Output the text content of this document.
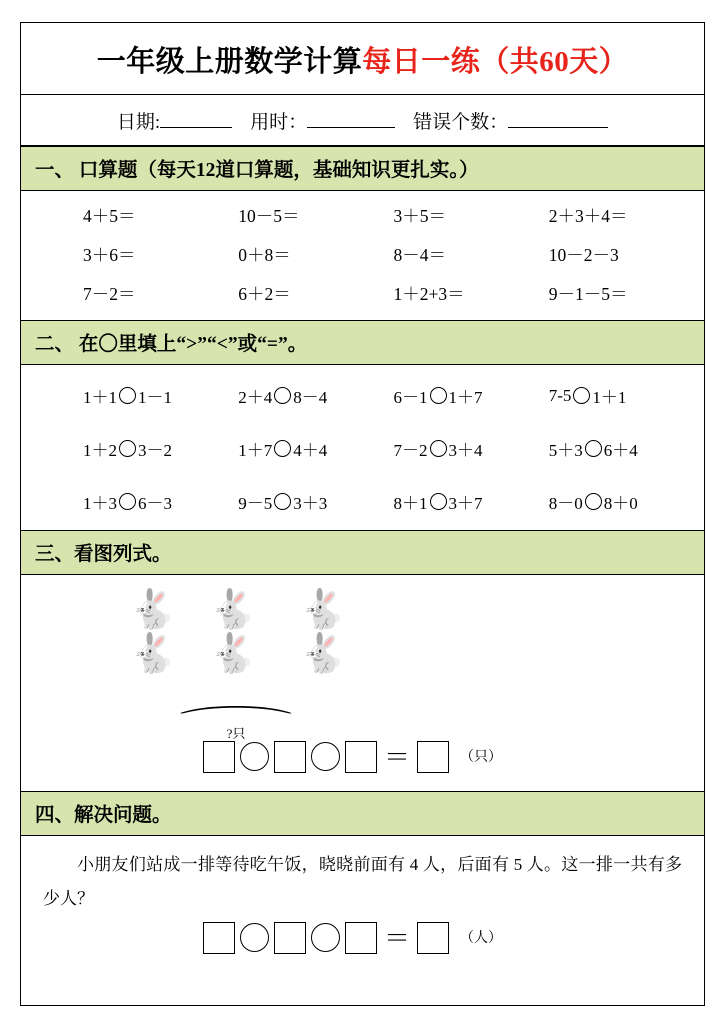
一年级上册数学计算每日一练（共60天）
日期:	用时：	错误个数：
一、 口算题（每天12道口算题，基础知识更扎实。）
4＋5＝	10－5＝	3＋5＝	2＋3＋4＝
3＋6＝	0＋8＝	8－4＝	10－2－3
7－2＝	6＋2＝	1＋2+3＝	9－1－5＝
二、 在〇里填上“>”“<”或“=”。
1＋1 1－1	2＋4 8－4	6－1 1＋7	7-5 1＋1
1＋2 3－2	1＋7 4＋4	7－2 3＋4	5＋3 6＋4
1＋3 6－3	9－5 3＋3	8＋1 3＋7	8－0 8＋0
三、看图列式。
🐇 🐇 🐇
🐇 🐇 🐇
︵
?只
＝	（只）
四、解决问题。
小朋友们站成一排等待吃午饭，晓晓前面有 4 人，后面有 5 人。这一排一共有多少人？
＝	（人）
